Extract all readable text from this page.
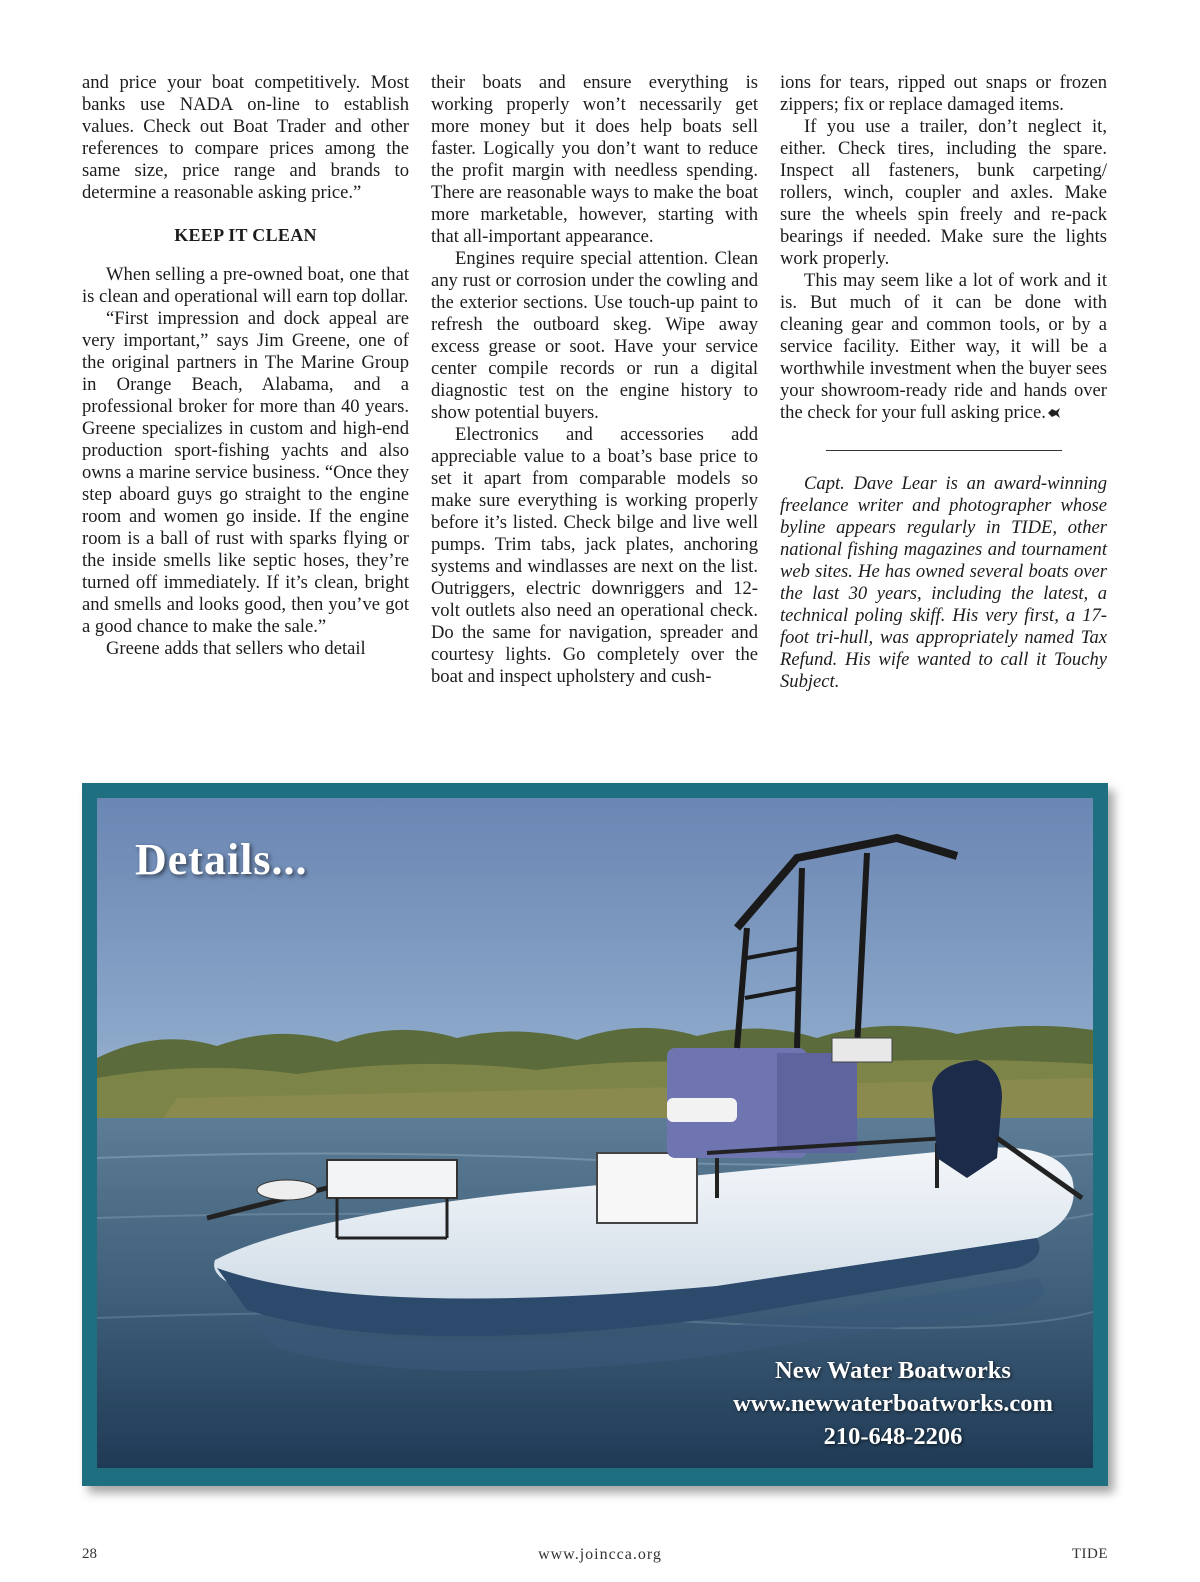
and price your boat competitively. Most banks use NADA on-line to establish values. Check out Boat Trader and other references to compare prices among the same size, price range and brands to determine a reasonable asking price.”

KEEP IT CLEAN

When selling a pre-owned boat, one that is clean and operational will earn top dollar.

“First impression and dock appeal are very important,” says Jim Greene, one of the original partners in The Marine Group in Orange Beach, Alabama, and a professional broker for more than 40 years. Greene specializes in custom and high-end production sport-fishing yachts and also owns a marine service business. “Once they step aboard guys go straight to the engine room and women go inside. If the engine room is a ball of rust with sparks flying or the inside smells like septic hoses, they’re turned off immediately. If it’s clean, bright and smells and looks good, then you’ve got a good chance to make the sale.”

Greene adds that sellers who detail

their boats and ensure everything is working properly won’t necessarily get more money but it does help boats sell faster. Logically you don’t want to reduce the profit margin with needless spending. There are reasonable ways to make the boat more marketable, however, starting with that all-important appearance.

Engines require special attention. Clean any rust or corrosion under the cowling and the exterior sections. Use touch-up paint to refresh the outboard skeg. Wipe away excess grease or soot. Have your service center compile records or run a digital diagnostic test on the engine history to show potential buyers.

Electronics and accessories add appreciable value to a boat’s base price to set it apart from comparable models so make sure everything is working properly before it’s listed. Check bilge and live well pumps. Trim tabs, jack plates, anchoring systems and windlasses are next on the list. Outriggers, electric downriggers and 12-volt outlets also need an operational check. Do the same for navigation, spreader and courtesy lights. Go completely over the boat and inspect upholstery and cush-

ions for tears, ripped out snaps or frozen zippers; fix or replace damaged items.

If you use a trailer, don’t neglect it, either. Check tires, including the spare. Inspect all fasteners, bunk carpeting/ rollers, winch, coupler and axles. Make sure the wheels spin freely and re-pack bearings if needed. Make sure the lights work properly.

This may seem like a lot of work and it is. But much of it can be done with cleaning gear and common tools, or by a service facility. Either way, it will be a worthwhile investment when the buyer sees your showroom-ready ride and hands over the check for your full asking price.

Capt. Dave Lear is an award-winning freelance writer and photographer whose byline appears regularly in TIDE, other national fishing magazines and tournament web sites. He has owned several boats over the last 30 years, including the latest, a technical poling skiff. His very first, a 17-foot tri-hull, was appropriately named Tax Refund. His wife wanted to call it Touchy Subject.

Details...
New Water Boatworks
www.newwaterboatworks.com
210-648-2206
www.joincca.org
28	TIDE
